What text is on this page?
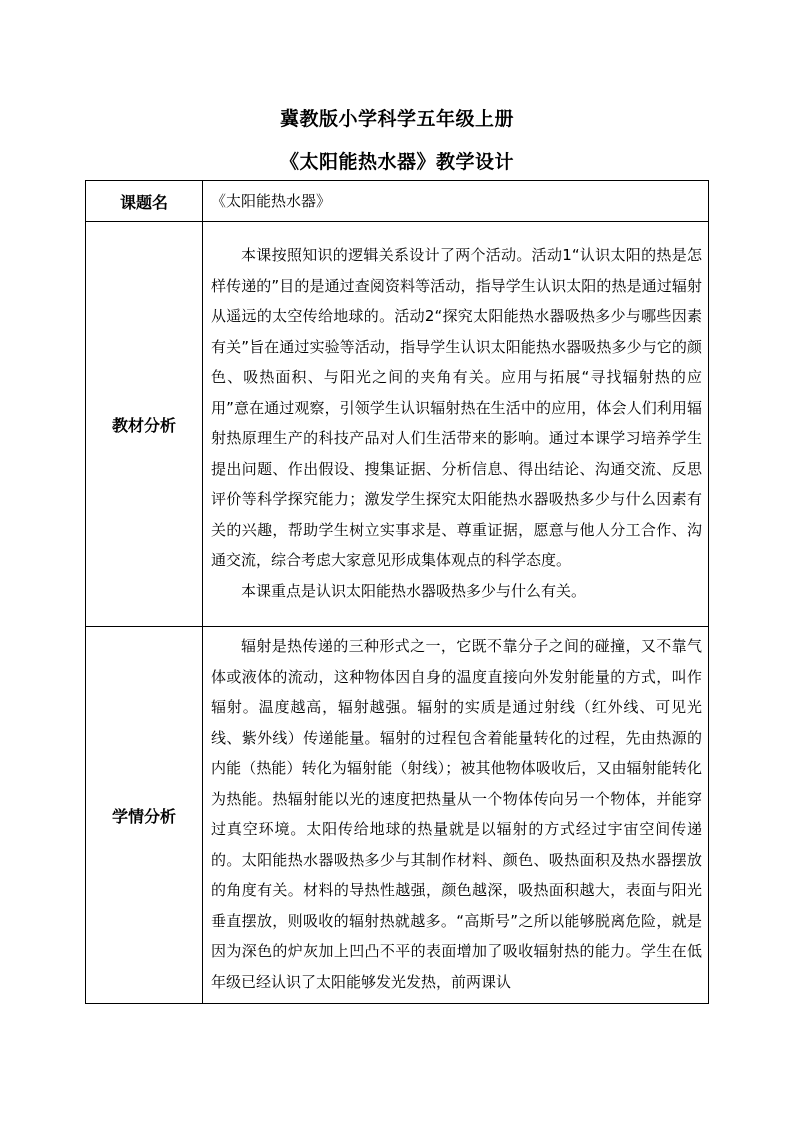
冀教版小学科学五年级上册
《太阳能热水器》教学设计
课题名	《太阳能热水器》
教材分析	本课按照知识的逻辑关系设计了两个活动。活动1“认识太阳的热是怎样传递的”目的是通过查阅资料等活动，指导学生认识太阳的热是通过辐射从遥远的太空传给地球的。活动2“探究太阳能热水器吸热多少与哪些因素有关”旨在通过实验等活动，指导学生认识太阳能热水器吸热多少与它的颜色、吸热面积、与阳光之间的夹角有关。应用与拓展“寻找辐射热的应用”意在通过观察，引领学生认识辐射热在生活中的应用，体会人们利用辐射热原理生产的科技产品对人们生活带来的影响。通过本课学习培养学生提出问题、作出假设、搜集证据、分析信息、得出结论、沟通交流、反思评价等科学探究能力；激发学生探究太阳能热水器吸热多少与什么因素有关的兴趣，帮助学生树立实事求是、尊重证据，愿意与他人分工合作、沟通交流，综合考虑大家意见形成集体观点的科学态度。

本课重点是认识太阳能热水器吸热多少与什么有关。

学情分析	辐射是热传递的三种形式之一，它既不靠分子之间的碰撞，又不靠气体或液体的流动，这种物体因自身的温度直接向外发射能量的方式，叫作辐射。温度越高，辐射越强。辐射的实质是通过射线（红外线、可见光线、紫外线）传递能量。辐射的过程包含着能量转化的过程，先由热源的内能（热能）转化为辐射能（射线）；被其他物体吸收后，又由辐射能转化为热能。热辐射能以光的速度把热量从一个物体传向另一个物体，并能穿过真空环境。太阳传给地球的热量就是以辐射的方式经过宇宙空间传递的。太阳能热水器吸热多少与其制作材料、颜色、吸热面积及热水器摆放的角度有关。材料的导热性越强，颜色越深，吸热面积越大，表面与阳光垂直摆放，则吸收的辐射热就越多。“高斯号”之所以能够脱离危险，就是因为深色的炉灰加上凹凸不平的表面增加了吸收辐射热的能力。学生在低年级已经认识了太阳能够发光发热，前两课认
